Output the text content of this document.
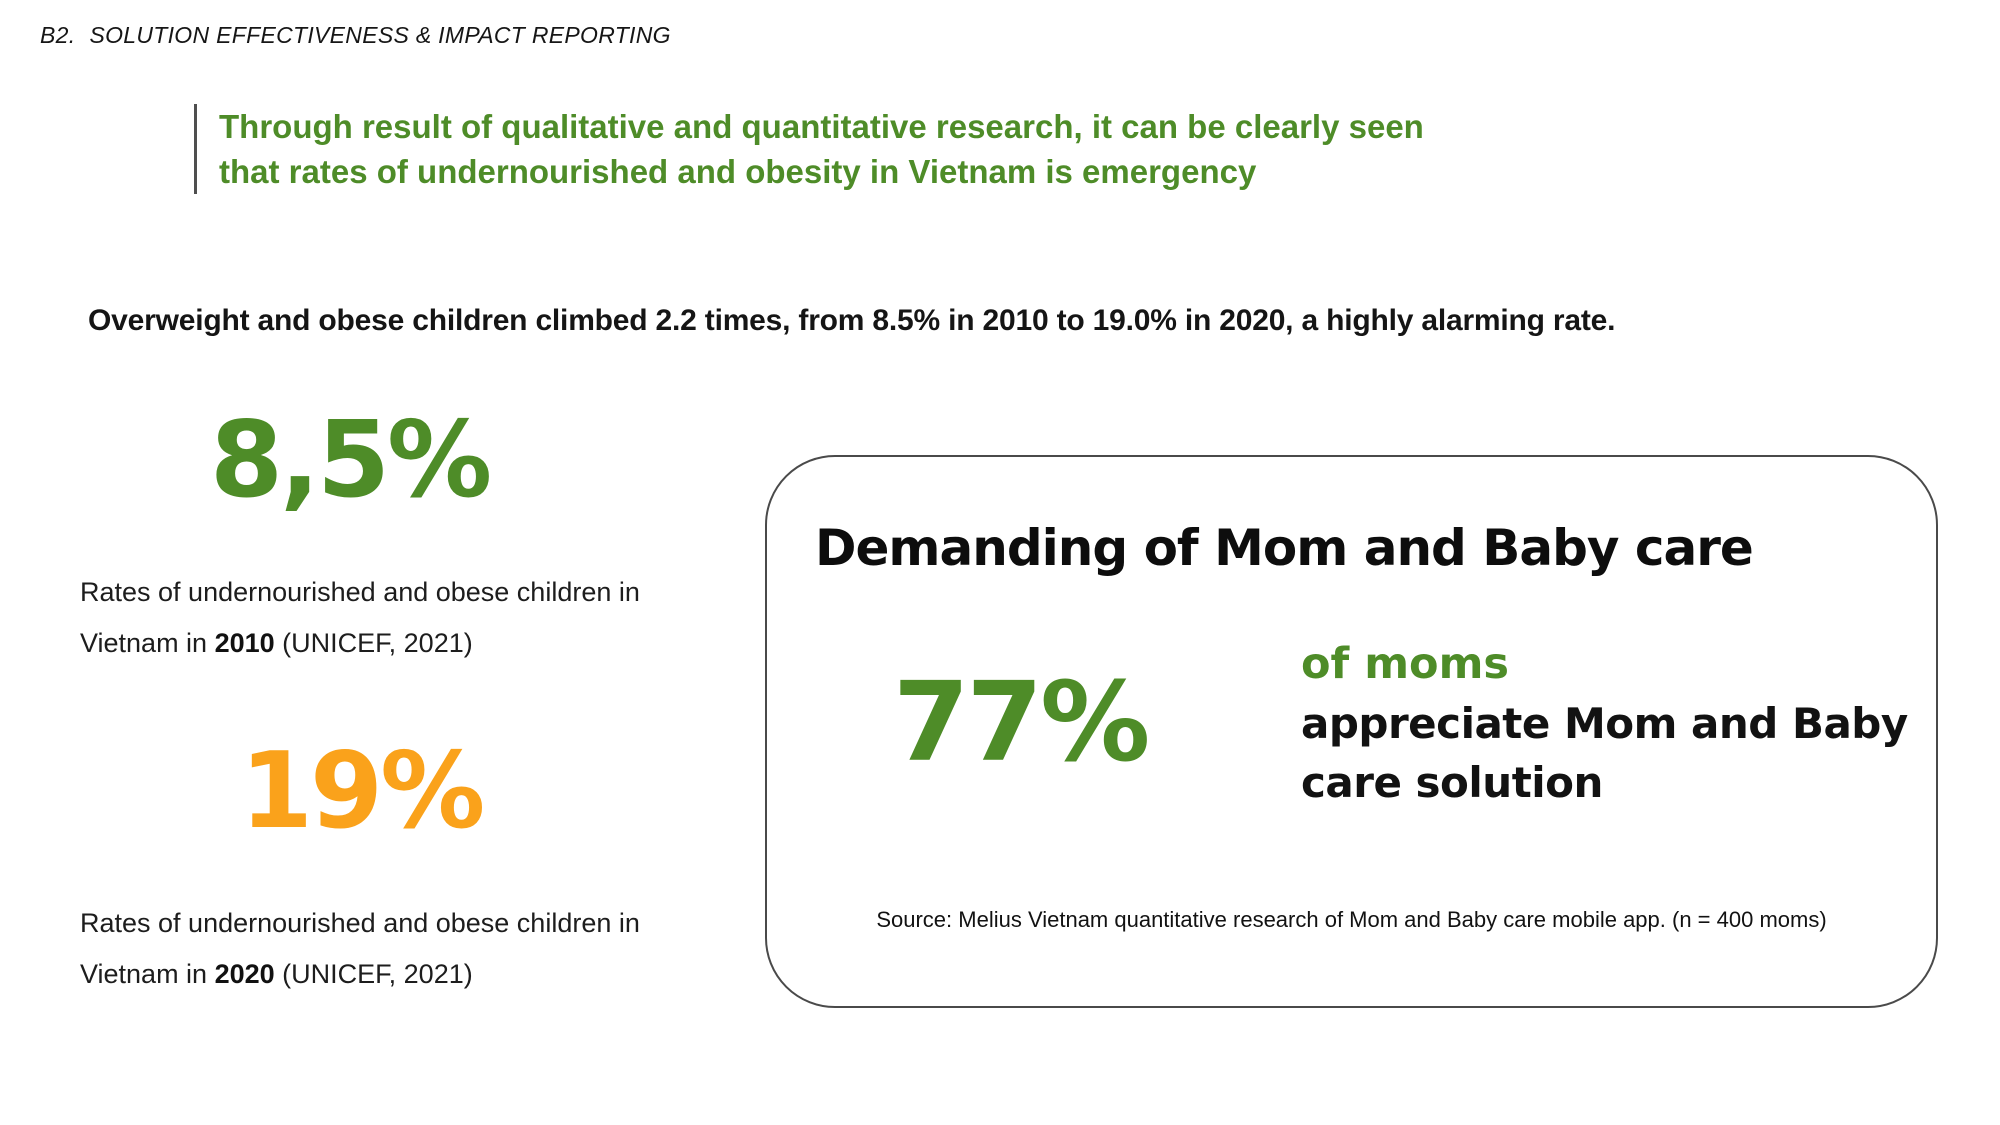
B2. SOLUTION EFFECTIVENESS & IMPACT REPORTING
Through result of qualitative and quantitative research, it can be clearly seen
that rates of undernourished and obesity in Vietnam is emergency
Overweight and obese children climbed 2.2 times, from 8.5% in 2010 to 19.0% in 2020, a highly alarming rate.
8,5%
Rates of undernourished and obese children in
Vietnam in 2010 (UNICEF, 2021)
19%
Rates of undernourished and obese children in
Vietnam in 2020 (UNICEF, 2021)
Demanding of Mom and Baby care
77%	of moms
appreciate Mom and Baby
care solution
Source: Melius Vietnam quantitative research of Mom and Baby care mobile app. (n = 400 moms)
